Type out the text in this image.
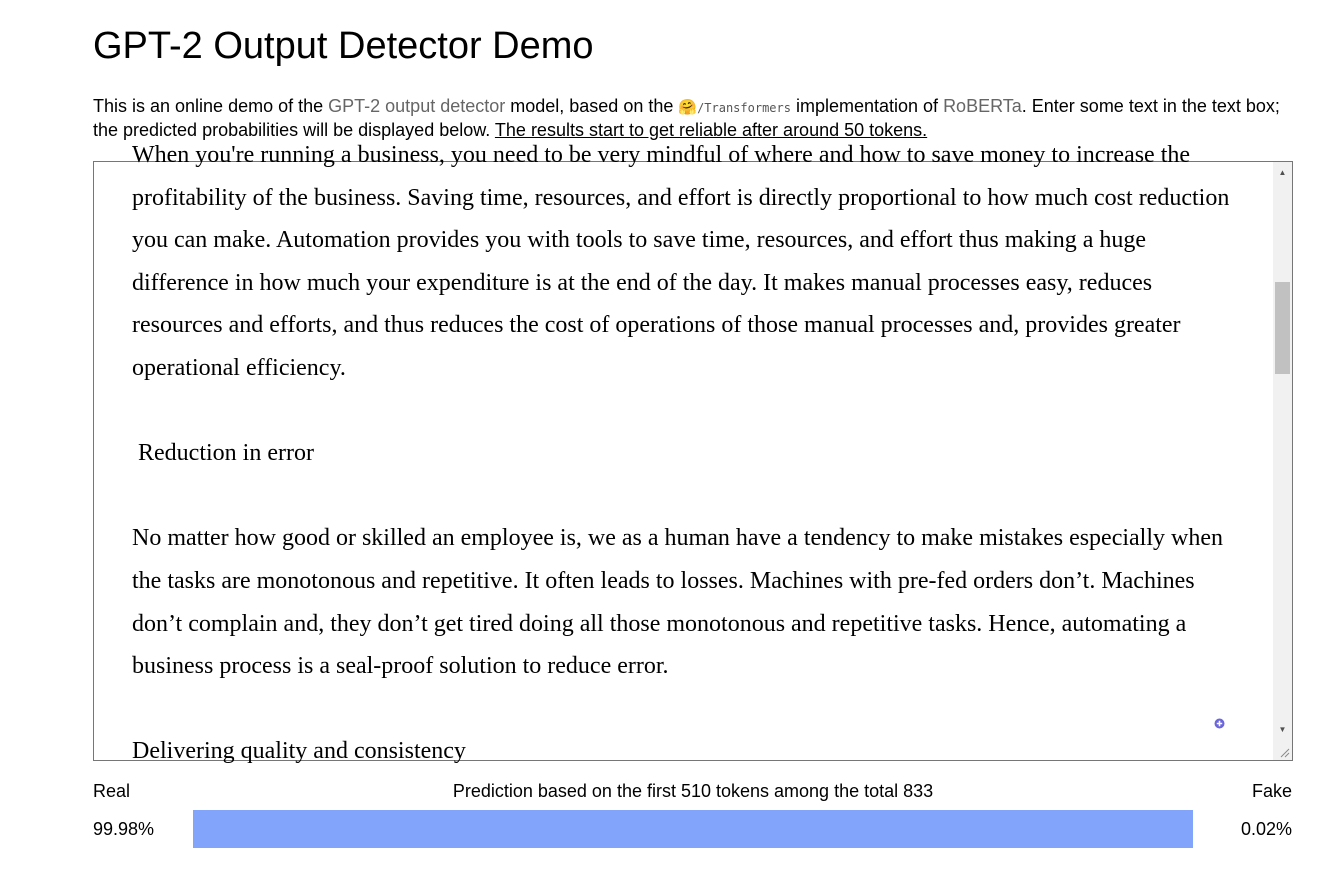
GPT-2 Output Detector Demo

This is an online demo of the GPT-2 output detector model, based on the 🤗/Transformers implementation of RoBERTa. Enter some text in the text box; the predicted probabilities will be displayed below. The results start to get reliable after around 50 tokens.

When you're running a business, you need to be very mindful of where and how to save money to increase the profitability of the business. Saving time, resources, and effort is directly proportional to how much cost reduction you can make. Automation provides you with tools to save time, resources, and effort thus making a huge difference in how much your expenditure is at the end of the day. It makes manual processes easy, reduces resources and efforts, and thus reduces the cost of operations of those manual processes and, provides greater operational efficiency.

Reduction in error

No matter how good or skilled an employee is, we as a human have a tendency to make mistakes especially when the tasks are monotonous and repetitive. It often leads to losses. Machines with pre-fed orders don’t. Machines don’t complain and, they don’t get tired doing all those monotonous and repetitive tasks. Hence, automating a business process is a seal-proof solution to reduce error.

Delivering quality and consistency

▲
▼
Real	Prediction based on the first 510 tokens among the total 833	Fake
99.98%	0.02%
